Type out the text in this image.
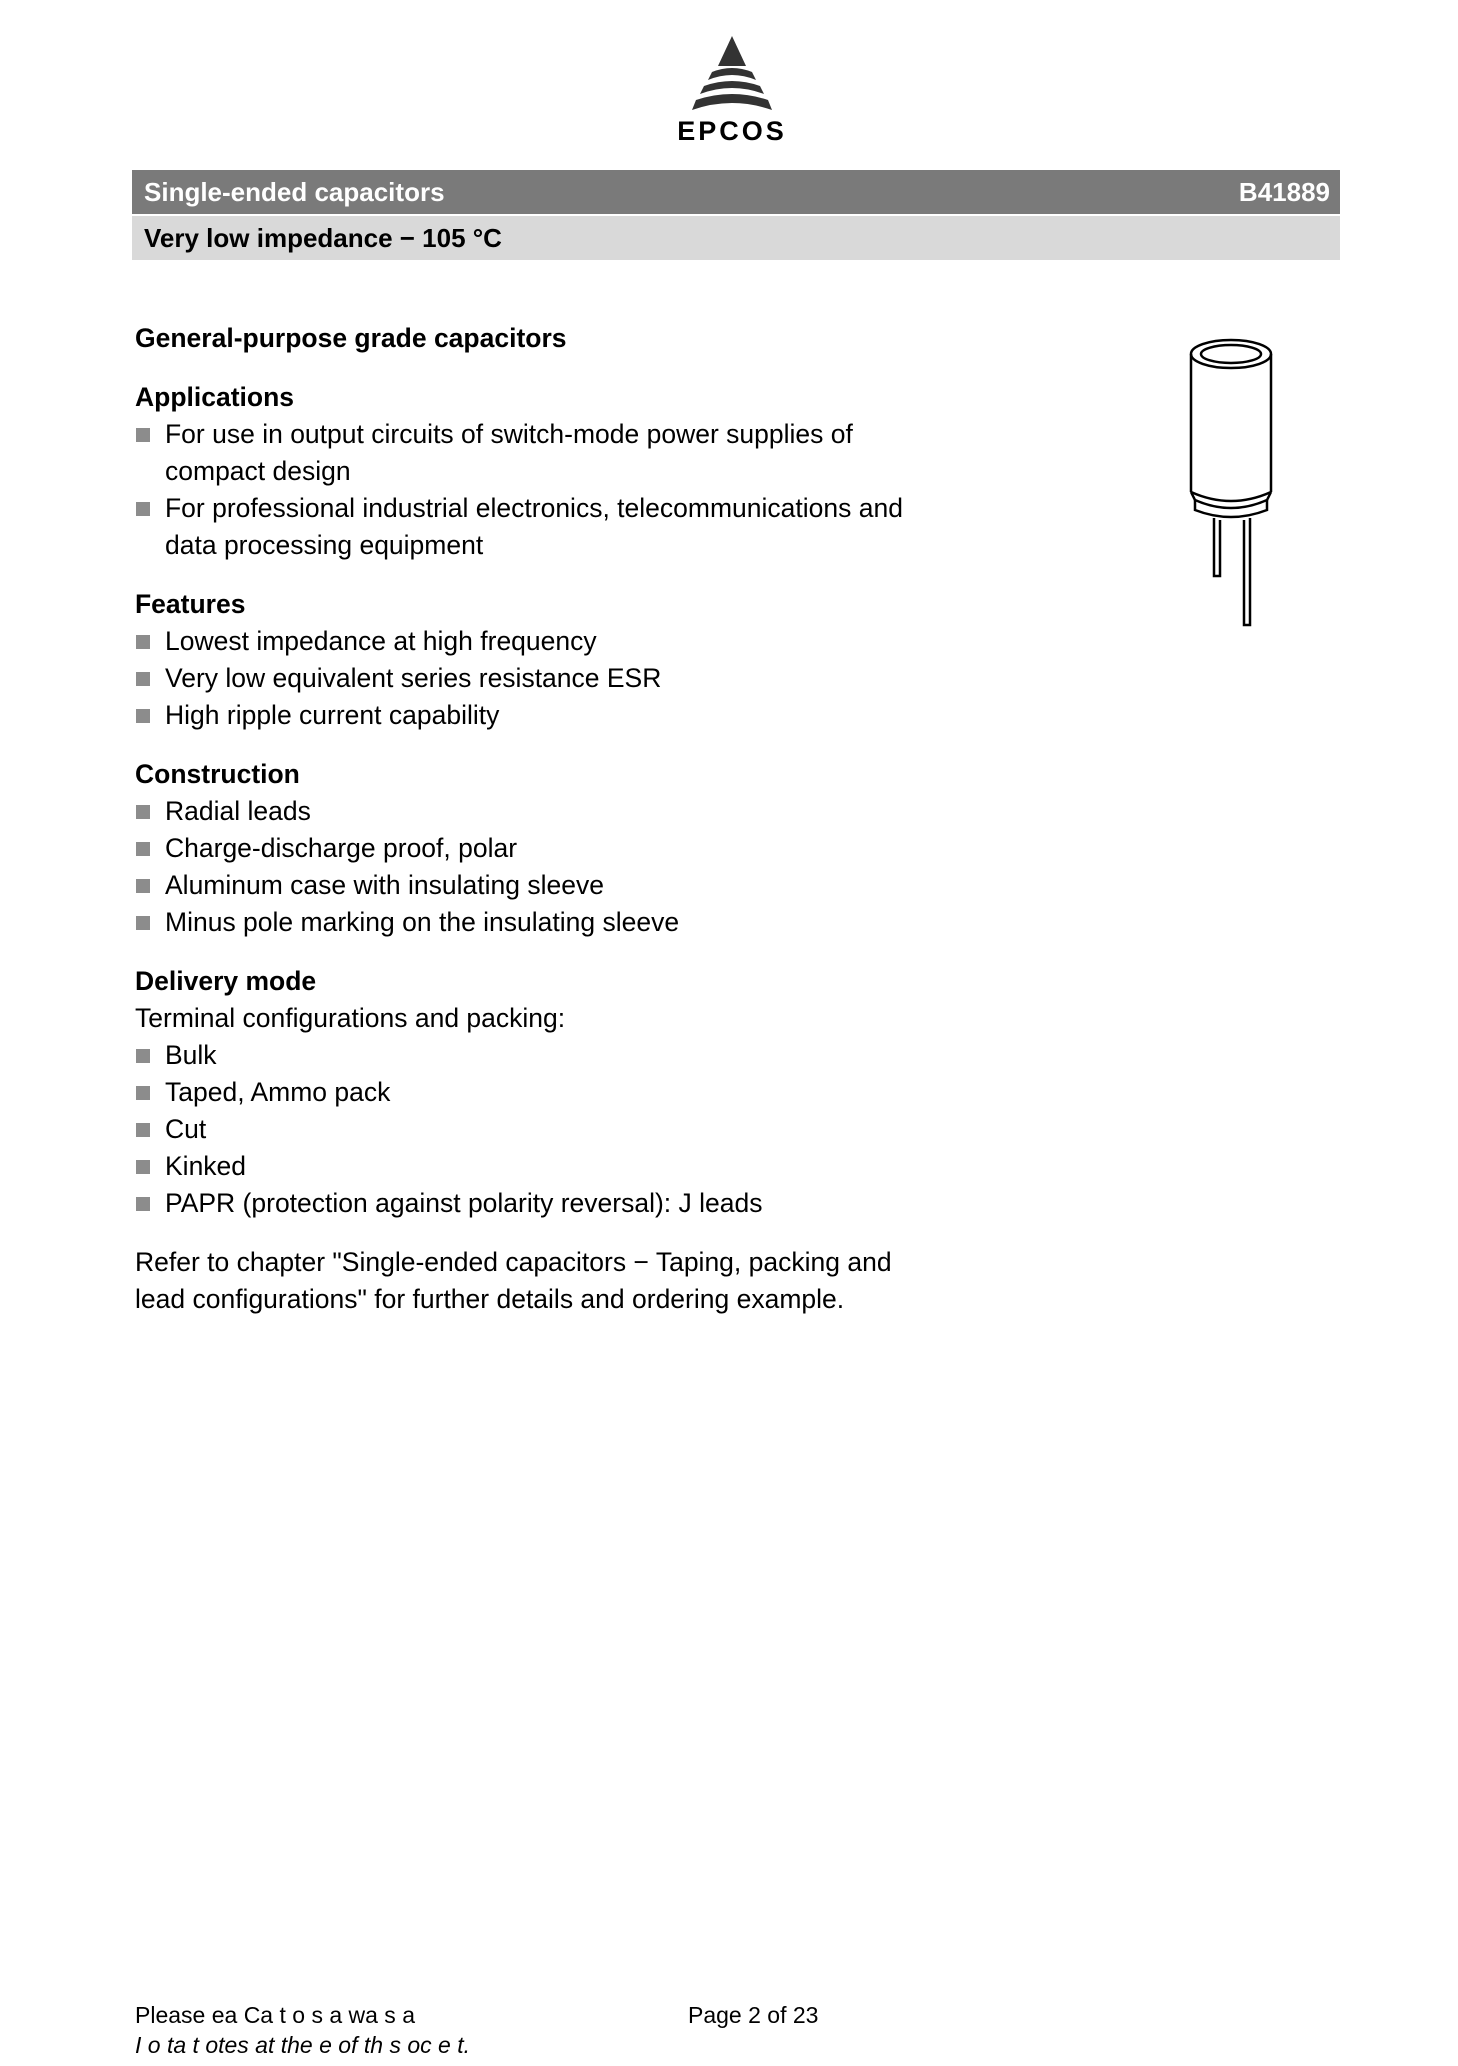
EPCOS
Single-ended capacitors	B41889
Very low impedance − 105 °C
General-purpose grade capacitors
Applications
For use in output circuits of switch-mode power supplies of compact design
For professional industrial electronics, telecommunications and data processing equipment
Features
Lowest impedance at high frequency
Very low equivalent series resistance ESR
High ripple current capability
Construction
Radial leads
Charge-discharge proof, polar
Aluminum case with insulating sleeve
Minus pole marking on the insulating sleeve
Delivery mode

Terminal configurations and packing:

Bulk
Taped, Ammo pack
Cut
Kinked
PAPR (protection against polarity reversal): J leads

Refer to chapter "Single-ended capacitors − Taping, packing and lead configurations" for further details and ordering example.

Please ea Ca t o s a wa s a
I o ta t otes at the e of th s oc e t.
Page 2 of 23
